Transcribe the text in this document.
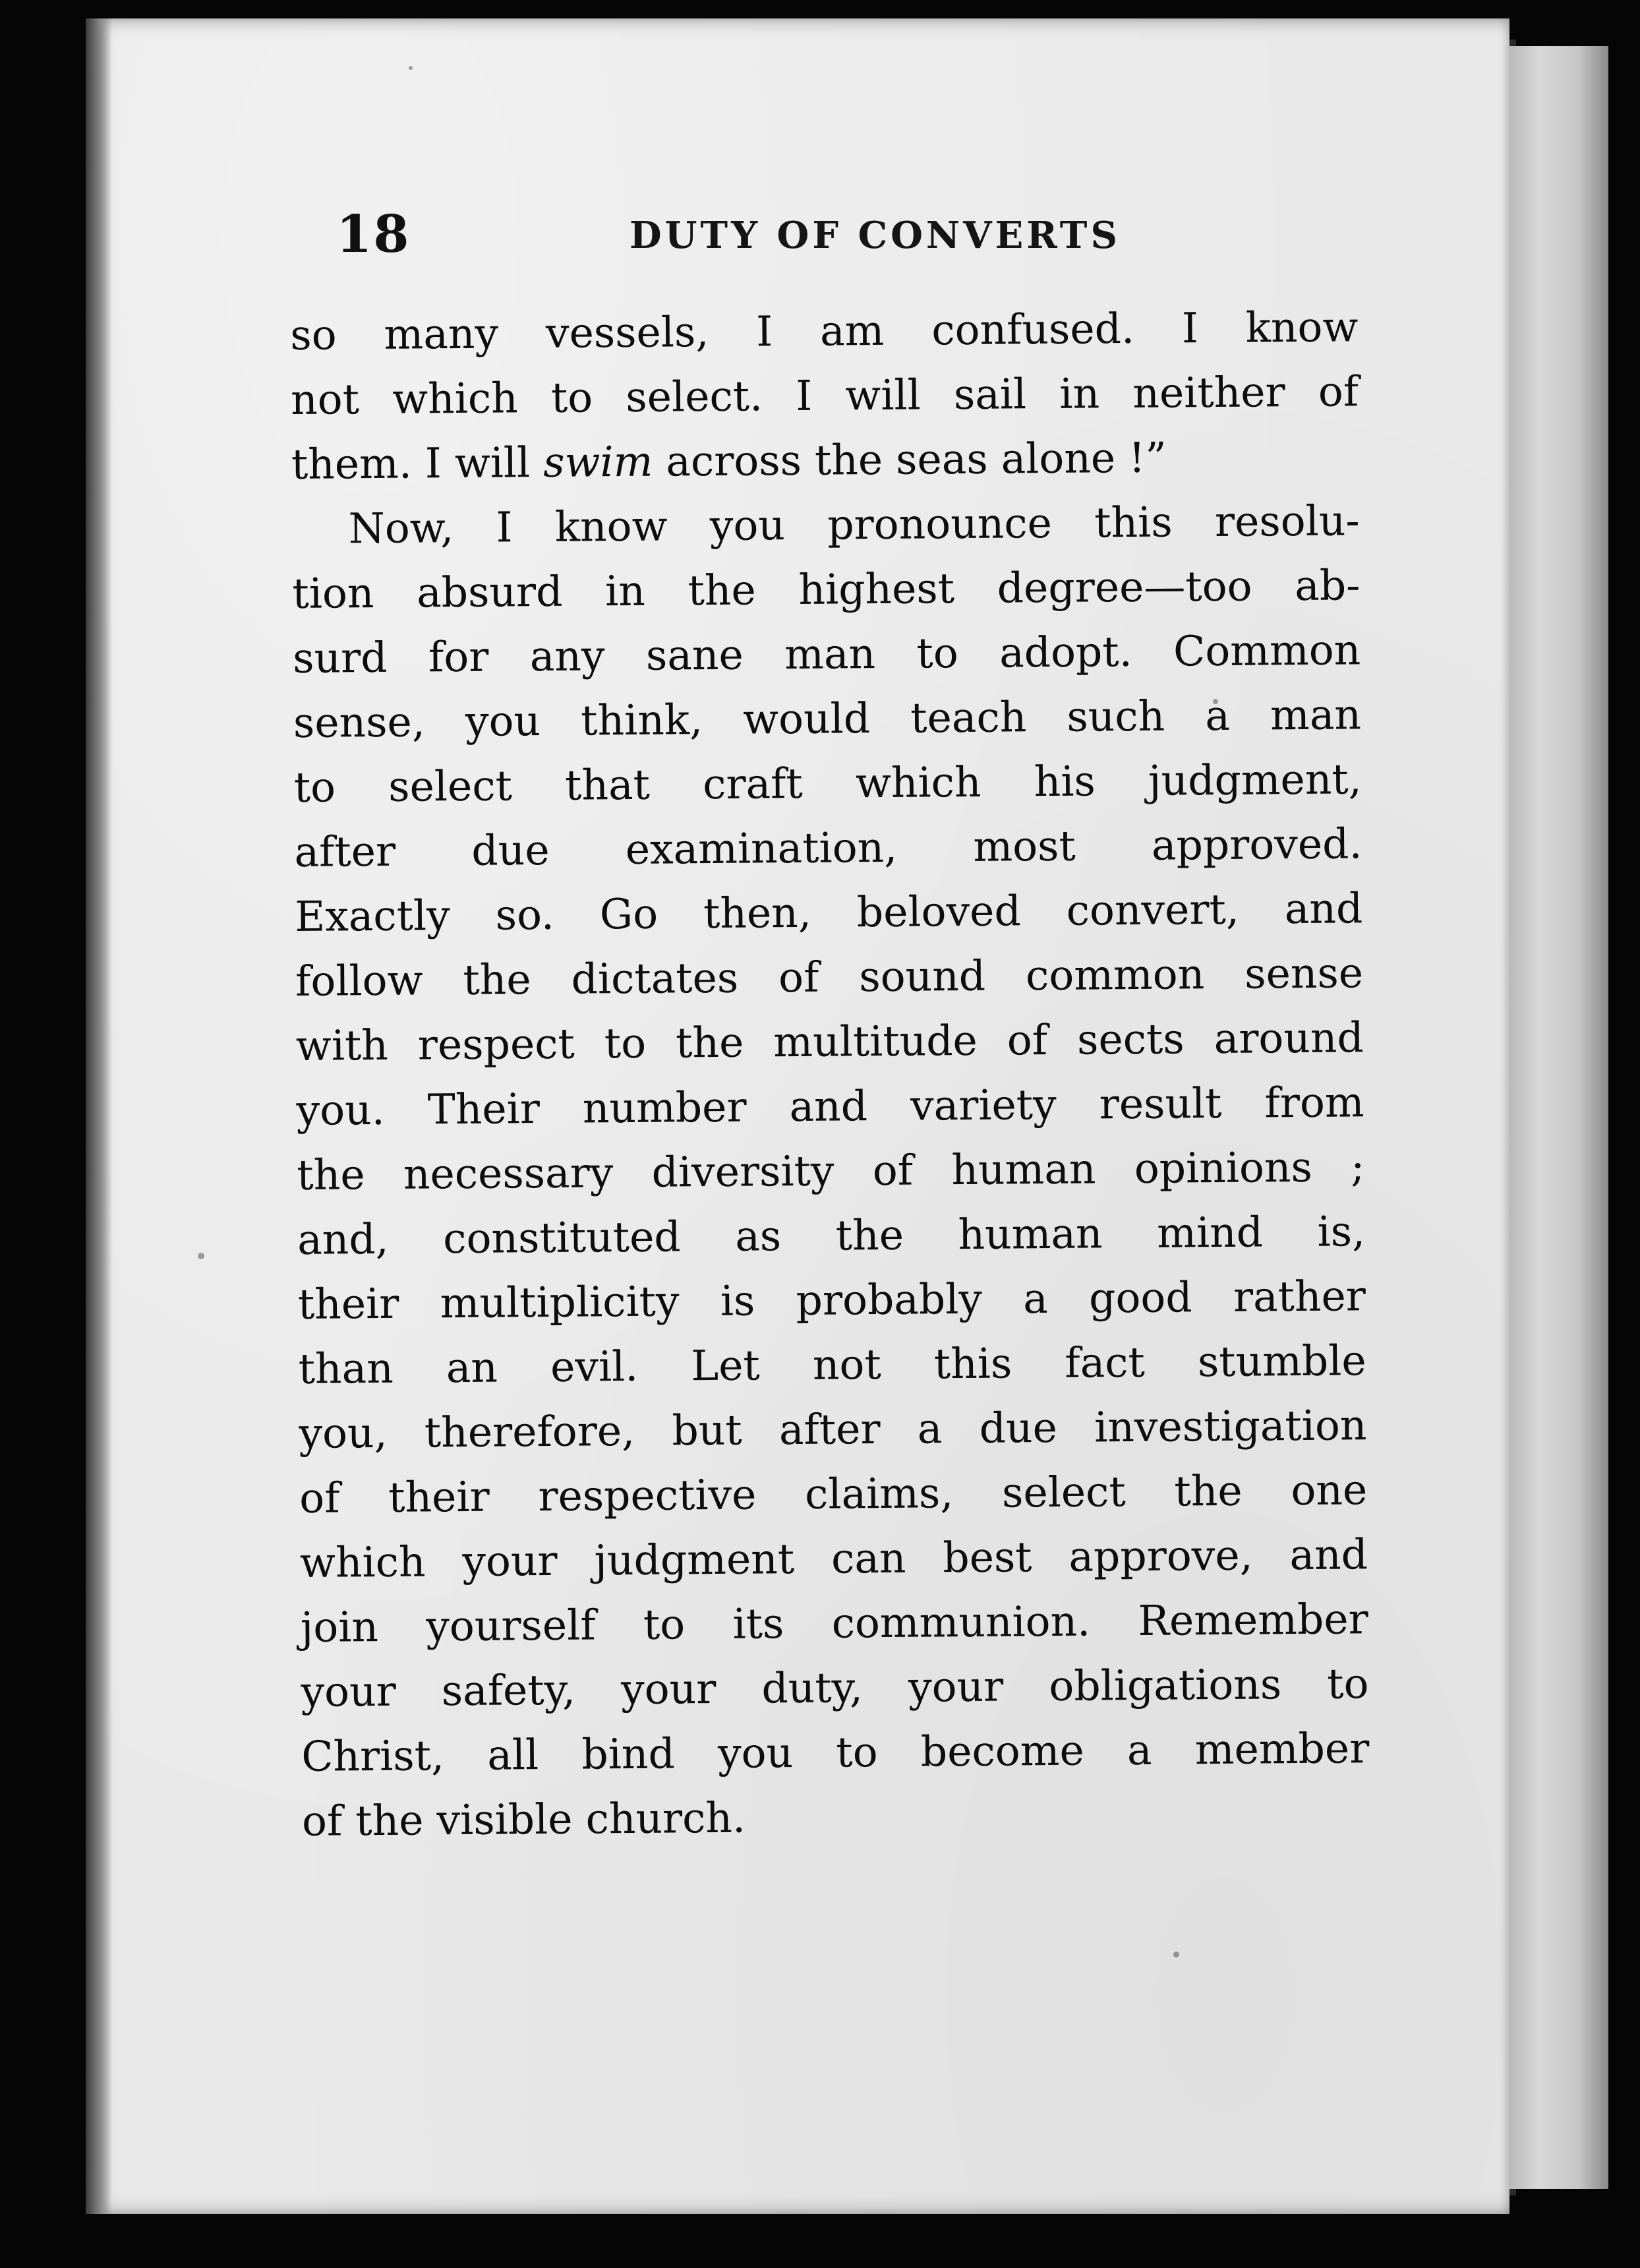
18	DUTY OF CONVERTS
so many vessels, I am confused. I know
not which to select. I will sail in neither of
them. I will swim across the seas alone !”
Now, I know you pronounce this resolu-
tion absurd in the highest degree—too ab-
surd for any sane man to adopt. Common
sense, you think, would teach such a man
to select that craft which his judgment,
after due examination, most approved.
Exactly so. Go then, beloved convert, and
follow the dictates of sound common sense
with respect to the multitude of sects around
you. Their number and variety result from
the necessary diversity of human opinions ;
and, constituted as the human mind is,
their multiplicity is probably a good rather
than an evil. Let not this fact stumble
you, therefore, but after a due investigation
of their respective claims, select the one
which your judgment can best approve, and
join yourself to its communion. Remember
your safety, your duty, your obligations to
Christ, all bind you to become a member
of the visible church.
